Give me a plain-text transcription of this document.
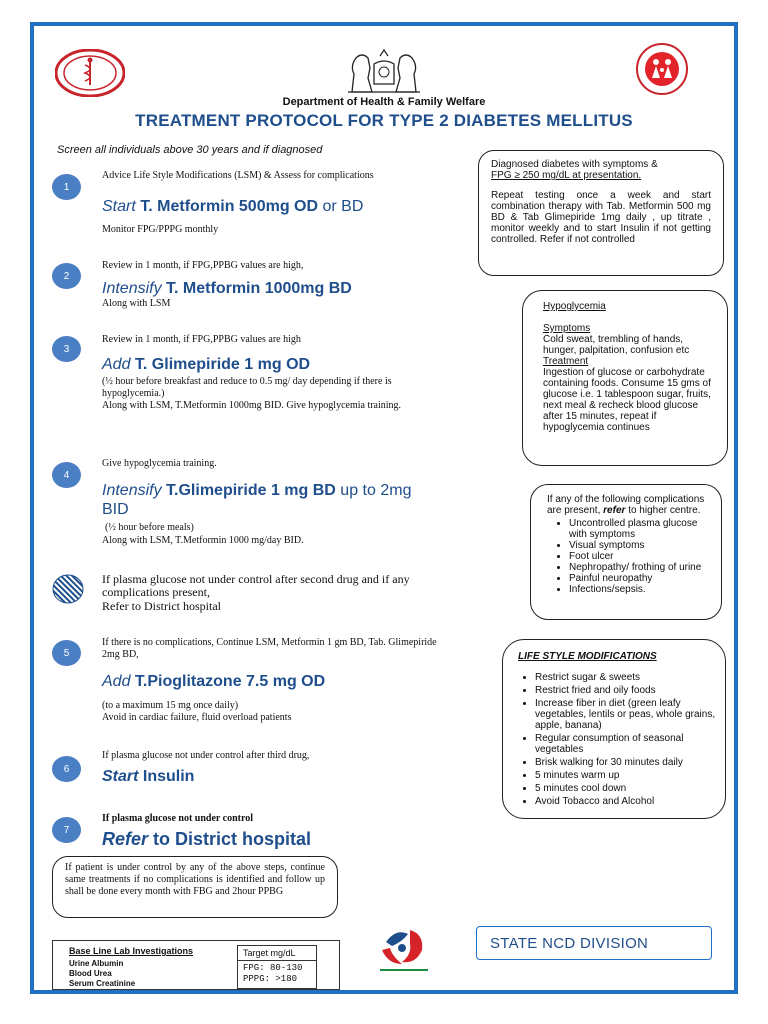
Department of Health & Family Welfare
TREATMENT PROTOCOL FOR TYPE 2 DIABETES MELLITUS
Screen all individuals above 30 years and if diagnosed
1
Advice Life Style Modifications (LSM) & Assess for complications
Start T. Metformin 500mg OD or BD
Monitor FPG/PPPG monthly
2
Review in 1 month, if FPG,PPBG values are high,
Intensify T. Metformin 1000mg BD
Along with LSM
3
Review in 1 month, if FPG,PPBG values are high
Add T. Glimepiride 1 mg OD
(½ hour before breakfast and reduce to 0.5 mg/ day depending if there is hypoglycemia.)
Along with LSM, T.Metformin 1000mg BID. Give hypoglycemia training.
4
Give hypoglycemia training.
Intensify T.Glimepiride 1 mg BD up to 2mg BID
(½ hour before meals)
Along with LSM, T.Metformin 1000 mg/day BID.
If plasma glucose not under control after second drug and if any complications present,
Refer to District hospital
5
If there is no complications, Continue LSM, Metformin 1 gm BD, Tab. Glimepiride 2mg BD,
Add T.Pioglitazone 7.5 mg OD
(to a maximum 15 mg once daily)
Avoid in cardiac failure, fluid overload patients
6
If plasma glucose not under control after third drug,
Start Insulin
7
If plasma glucose not under control
Refer to District hospital
If patient is under control by any of the above steps, continue same treatments if no complications is identified and follow up shall be done every month with FBG and 2hour PPBG
Base Line Lab Investigations
Urine Albumin
Blood Urea
Serum Creatinine
Target mg/dL
FPG: 80-130
PPPG: >180
STATE NCD DIVISION
Diagnosed diabetes with symptoms &
FPG ≥ 250 mg/dL at presentation.
Repeat testing once a week and start combination therapy with Tab. Metformin 500 mg BD & Tab Glimepiride 1mg daily , up titrate , monitor weekly and to start Insulin if not getting controlled. Refer if not controlled
Hypoglycemia
Symptoms
Cold sweat, trembling of hands, hunger, palpitation, confusion etc
Treatment
Ingestion of glucose or carbohydrate containing foods. Consume 15 gms of glucose i.e. 1 tablespoon sugar, fruits, next meal & recheck blood glucose after 15 minutes, repeat if hypoglycemia continues
If any of the following complications are present, refer to higher centre.
• Uncontrolled plasma glucose with symptoms
• Visual symptoms
• Foot ulcer
• Nephropathy/ frothing of urine
• Painful neuropathy
• Infections/sepsis.
LIFE STYLE MODIFICATIONS
• Restrict sugar & sweets
• Restrict fried and oily foods
• Increase fiber in diet (green leafy vegetables, lentils or peas, whole grains, apple, banana)
• Regular consumption of seasonal vegetables
• Brisk walking for 30 minutes daily
• 5 minutes warm up
• 5 minutes cool down
• Avoid Tobacco and Alcohol
